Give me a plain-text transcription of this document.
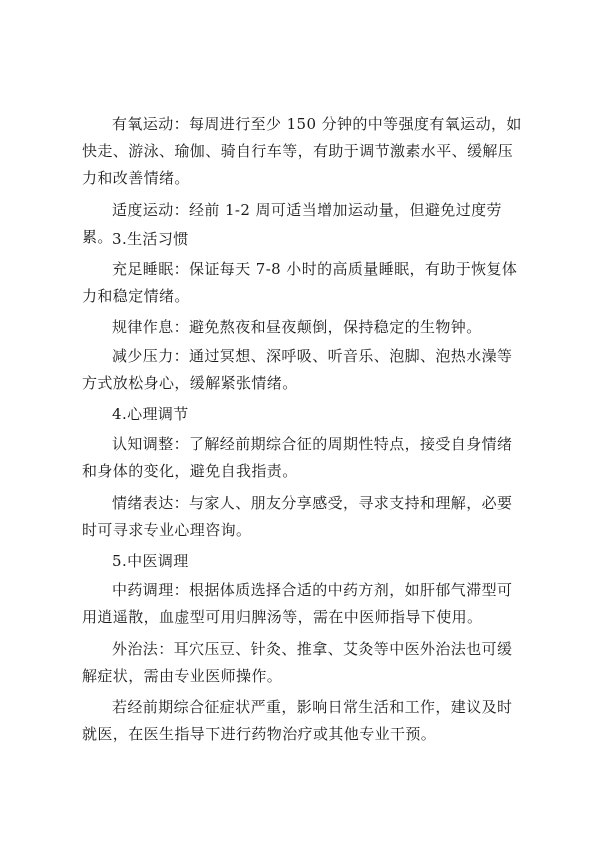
有氧运动：每周进行至少 150 分钟的中等强度有氧运动，如

快走、游泳、瑜伽、骑自行车等，有助于调节激素水平、缓解压

力和改善情绪。

适度运动：经前 1-2 周可适当增加运动量，但避免过度劳累。 3.生活习惯

充足睡眠：保证每天 7-8 小时的高质量睡眠，有助于恢复体

力和稳定情绪。

规律作息：避免熬夜和昼夜颠倒，保持稳定的生物钟。

减少压力：通过冥想、深呼吸、听音乐、泡脚、泡热水澡等

方式放松身心，缓解紧张情绪。

4.心理调节

认知调整：了解经前期综合征的周期性特点，接受自身情绪

和身体的变化，避免自我指责。

情绪表达：与家人、朋友分享感受，寻求支持和理解，必要

时可寻求专业心理咨询。

5.中医调理

中药调理：根据体质选择合适的中药方剂，如肝郁气滞型可

用逍遥散，血虚型可用归脾汤等，需在中医师指导下使用。

外治法：耳穴压豆、针灸、推拿、艾灸等中医外治法也可缓

解症状，需由专业医师操作。

若经前期综合征症状严重，影响日常生活和工作，建议及时

就医，在医生指导下进行药物治疗或其他专业干预。
